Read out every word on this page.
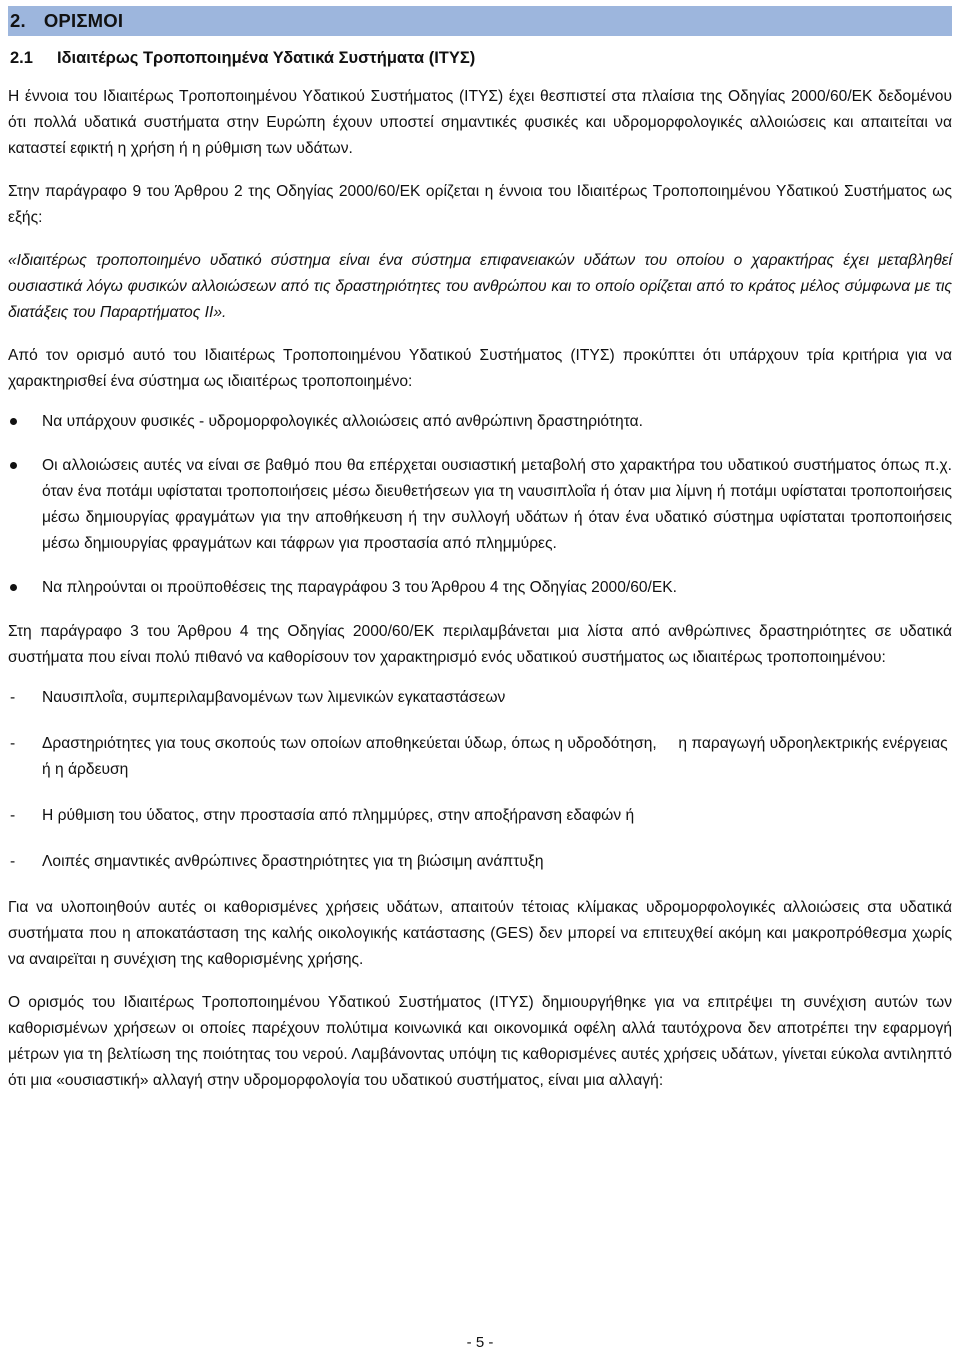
2. ΟΡΙΣΜΟΙ
2.1 Ιδιαιτέρως Τροποποιημένα Υδατικά Συστήματα (ΙΤΥΣ)

Η έννοια του Ιδιαιτέρως Τροποποιημένου Υδατικού Συστήματος (ΙΤΥΣ) έχει θεσπιστεί στα πλαίσια της Οδηγίας 2000/60/ΕΚ δεδομένου ότι πολλά υδατικά συστήματα στην Ευρώπη έχουν υποστεί σημαντικές φυσικές και υδρομορφολογικές αλλοιώσεις και απαιτείται να καταστεί εφικτή η χρήση ή η ρύθμιση των υδάτων.

Στην παράγραφο 9 του Άρθρου 2 της Οδηγίας 2000/60/ΕΚ ορίζεται η έννοια του Ιδιαιτέρως Τροποποιημένου Υδατικού Συστήματος ως εξής:

«Ιδιαιτέρως τροποποιημένο υδατικό σύστημα είναι ένα σύστημα επιφανειακών υδάτων του οποίου ο χαρακτήρας έχει μεταβληθεί ουσιαστικά λόγω φυσικών αλλοιώσεων από τις δραστηριότητες του ανθρώπου και το οποίο ορίζεται από το κράτος μέλος σύμφωνα με τις διατάξεις του Παραρτήματος II».

Από τον ορισμό αυτό του Ιδιαιτέρως Τροποποιημένου Υδατικού Συστήματος (ΙΤΥΣ) προκύπτει ότι υπάρχουν τρία κριτήρια για να χαρακτηρισθεί ένα σύστημα ως ιδιαιτέρως τροποποιημένο:

Να υπάρχουν φυσικές - υδρομορφολογικές αλλοιώσεις από ανθρώπινη δραστηριότητα.
Οι αλλοιώσεις αυτές να είναι σε βαθμό που θα επέρχεται ουσιαστική μεταβολή στο χαρακτήρα του υδατικού συστήματος όπως π.χ. όταν ένα ποτάμι υφίσταται τροποποιήσεις μέσω διευθετήσεων για τη ναυσιπλοΐα ή όταν μια λίμνη ή ποτάμι υφίσταται τροποποιήσεις μέσω δημιουργίας φραγμάτων για την αποθήκευση ή την συλλογή υδάτων ή όταν ένα υδατικό σύστημα υφίσταται τροποποιήσεις μέσω δημιουργίας φραγμάτων και τάφρων για προστασία από πλημμύρες.
Να πληρούνται οι προϋποθέσεις της παραγράφου 3 του Άρθρου 4 της Οδηγίας 2000/60/ΕΚ.

Στη παράγραφο 3 του Άρθρου 4 της Οδηγίας 2000/60/ΕΚ περιλαμβάνεται μια λίστα από ανθρώπινες δραστηριότητες σε υδατικά συστήματα που είναι πολύ πιθανό να καθορίσουν τον χαρακτηρισμό ενός υδατικού συστήματος ως ιδιαιτέρως τροποποιημένου:

- Ναυσιπλοΐα, συμπεριλαμβανομένων των λιμενικών εγκαταστάσεων
- Δραστηριότητες για τους σκοπούς των οποίων αποθηκεύεται ύδωρ, όπως η υδροδότηση,     η παραγωγή υδροηλεκτρικής ενέργειας ή η άρδευση
- Η ρύθμιση του ύδατος, στην προστασία από πλημμύρες, στην αποξήρανση εδαφών ή
- Λοιπές σημαντικές ανθρώπινες δραστηριότητες για τη βιώσιμη ανάπτυξη

Για να υλοποιηθούν αυτές οι καθορισμένες χρήσεις υδάτων, απαιτούν τέτοιας κλίμακας υδρομορφολογικές αλλοιώσεις στα υδατικά συστήματα που η αποκατάσταση της καλής οικολογικής κατάστασης (GES) δεν μπορεί να επιτευχθεί ακόμη και μακροπρόθεσμα χωρίς να αναιρεϊται η συνέχιση της καθορισμένης χρήσης.

Ο ορισμός του Ιδιαιτέρως Τροποποιημένου Υδατικού Συστήματος (ΙΤΥΣ) δημιουργήθηκε για να επιτρέψει τη συνέχιση αυτών των καθορισμένων χρήσεων οι οποίες παρέχουν πολύτιμα κοινωνικά και οικονομικά οφέλη αλλά ταυτόχρονα δεν αποτρέπει την εφαρμογή μέτρων για τη βελτίωση της ποιότητας του νερού. Λαμβάνοντας υπόψη τις καθορισμένες αυτές χρήσεις υδάτων, γίνεται εύκολα αντιληπτό ότι μια «ουσιαστική» αλλαγή στην υδρομορφολογία του υδατικού συστήματος, είναι μια αλλαγή:

- 5 -
